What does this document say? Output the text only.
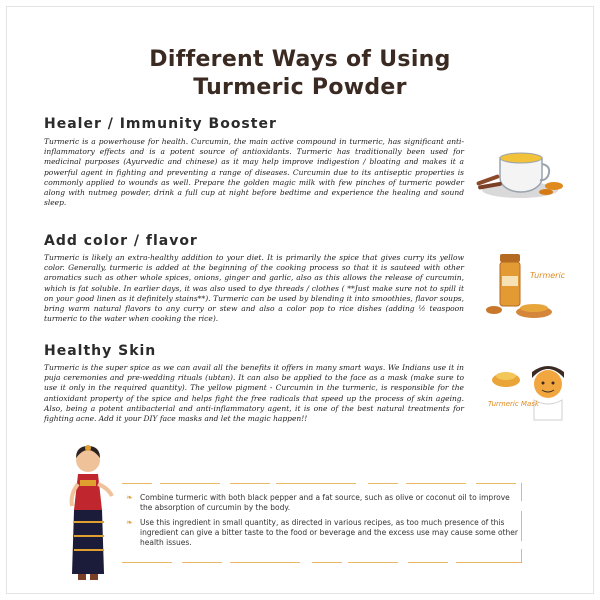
Different Ways of Using
Turmeric Powder
Healer / Immunity Booster
Turmeric is a powerhouse for health. Curcumin, the main active compound in turmeric, has significant anti-inflammatory effects and is a potent source of antioxidants. Turmeric has traditionally been used for medicinal purposes (Ayurvedic and chinese) as it may help improve indigestion / bloating and makes it a powerful agent in fighting and preventing a range of diseases. Curcumin due to its antiseptic properties is commonly applied to wounds as well. Prepare the golden magic milk with few pinches of turmeric powder along with nutmeg powder, drink a full cup at night before bedtime and experience the healing and sound sleep.
Add color / flavor
Turmeric is likely an extra-healthy addition to your diet. It is primarily the spice that gives curry its yellow color. Generally, turmeric is added at the beginning of the cooking process so that it is sauteed with other aromatics such as other whole spices, onions, ginger and garlic, also as this allows the release of curcumin, which is fat soluble. In earlier days, it was also used to dye threads / clothes ( **Just make sure not to spill it on your good linen as it definitely stains**). Turmeric can be used by blending it into smoothies, flavor soups, bring warm natural flavors to any curry or stew and also a color pop to rice dishes (adding ½ teaspoon turmeric to the water when cooking the rice).
Healthy Skin
Turmeric is the super spice as we can avail all the benefits it offers in many smart ways. We Indians use it in puja ceremonies and pre-wedding rituals (ubtan). It can also be applied to the face as a mask (make sure to use it only in the required quantity). The yellow pigment - Curcumin in the turmeric, is responsible for the antioxidant property of the spice and helps fight the free radicals that speed up the process of skin ageing. Also, being a potent antibacterial and anti-inflammatory agent, it is one of the best natural treatments for fighting acne. Add it your DIY face masks and let the magic happen!!
Turmeric
Turmeric Mask
❧ Combine turmeric with both black pepper and a fat source, such as olive or coconut oil to improve the absorption of curcumin by the body.
❧ Use this ingredient in small quantity, as directed in various recipes, as too much presence of this ingredient can give a bitter taste to the food or beverage and the excess use may cause some other health issues.
